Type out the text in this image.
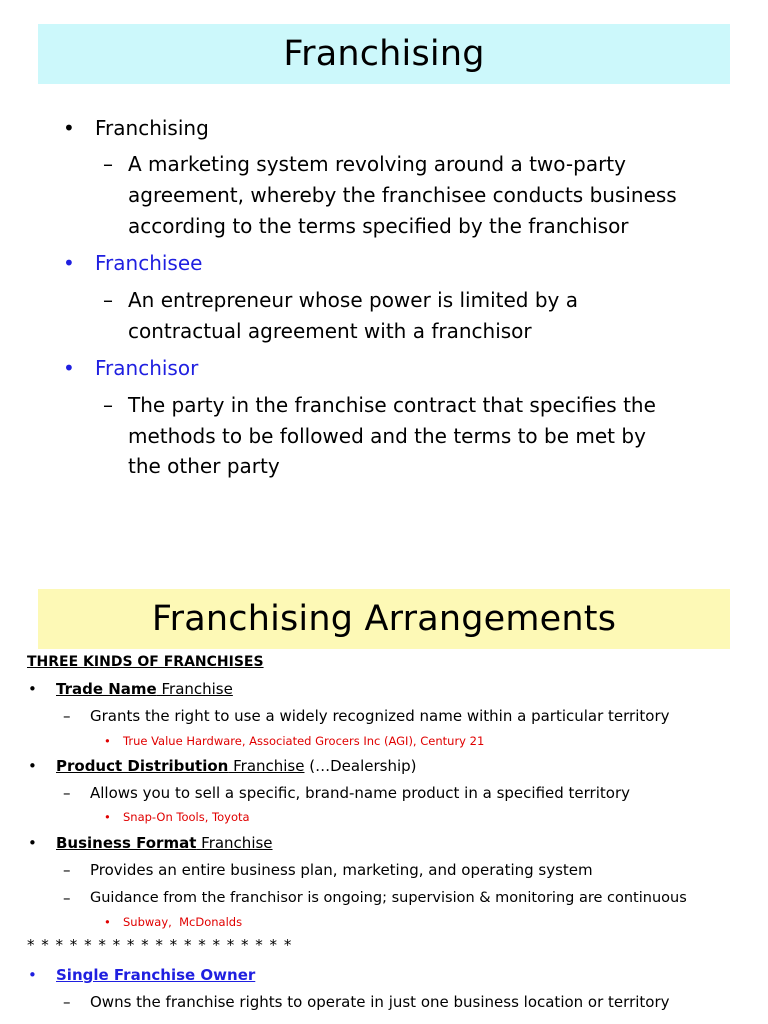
Franchising
• Franchising
– A marketing system revolving around a two-party
agreement, whereby the franchisee conducts business
according to the terms specified by the franchisor
• Franchisee
– An entrepreneur whose power is limited by a
contractual agreement with a franchisor
• Franchisor
– The party in the franchise contract that specifies the
methods to be followed and the terms to be met by
the other party
Franchising Arrangements
THREE KINDS OF FRANCHISES
• Trade Name Franchise
– Grants the right to use a widely recognized name within a particular territory
• True Value Hardware, Associated Grocers Inc (AGI), Century 21
• Product Distribution Franchise (…Dealership)
– Allows you to sell a specific, brand-name product in a specified territory
• Snap-On Tools, Toyota
• Business Format Franchise
– Provides an entire business plan, marketing, and operating system
– Guidance from the franchisor is ongoing; supervision & monitoring are continuous
• Subway,  McDonalds
* * * * * * * * * * * * * * * * * * *
• Single Franchise Owner
– Owns the franchise rights to operate in just one business location or territory
